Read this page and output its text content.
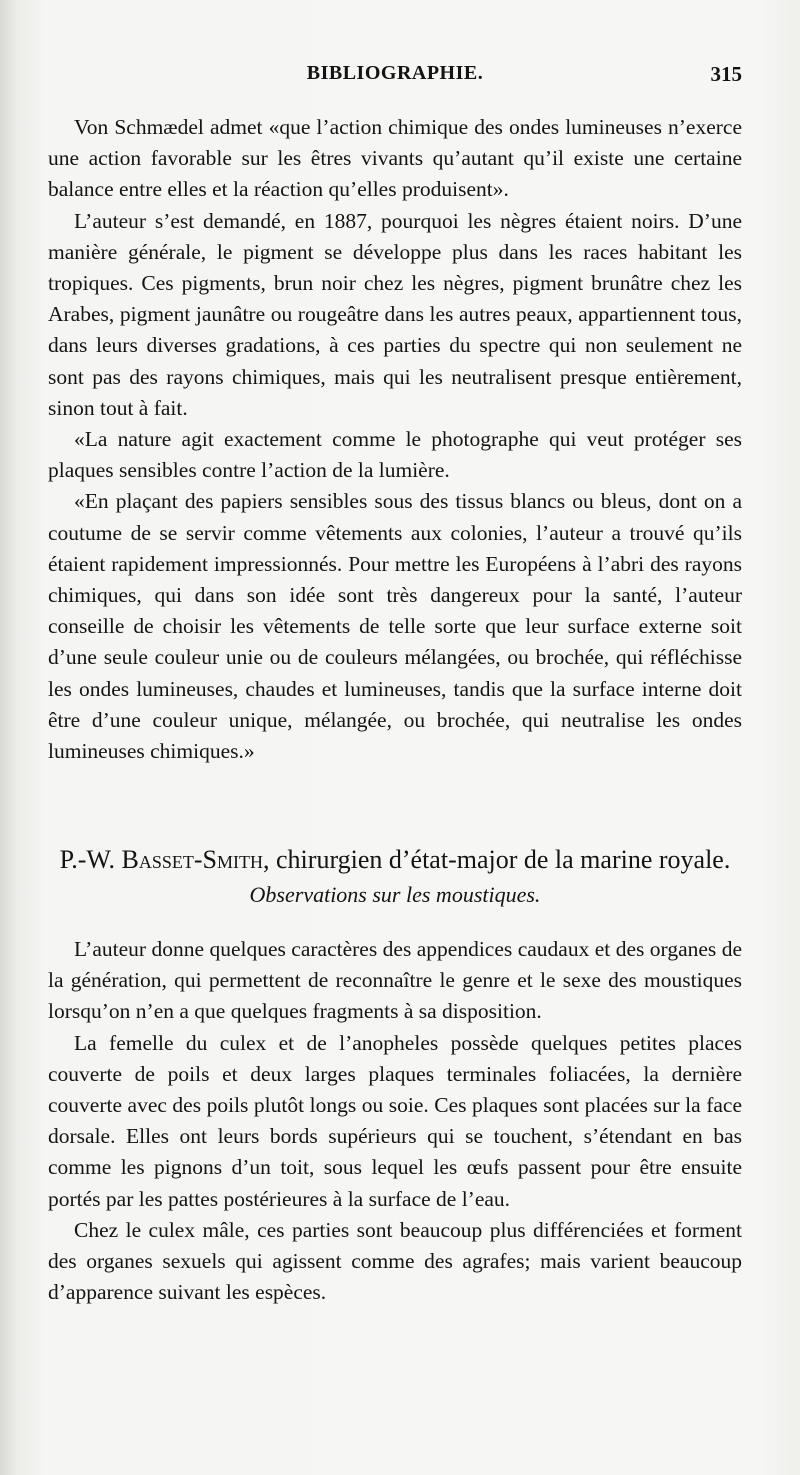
BIBLIOGRAPHIE.	315

Von Schmædel admet «que l’action chimique des ondes lumineuses n’exerce une action favorable sur les êtres vivants qu’autant qu’il existe une certaine balance entre elles et la réaction qu’elles produisent».

L’auteur s’est demandé, en 1887, pourquoi les nègres étaient noirs. D’une manière générale, le pigment se développe plus dans les races habitant les tropiques. Ces pigments, brun noir chez les nègres, pigment brunâtre chez les Arabes, pigment jaunâtre ou rougeâtre dans les autres peaux, appartiennent tous, dans leurs diverses gradations, à ces parties du spectre qui non seulement ne sont pas des rayons chimiques, mais qui les neutralisent presque entièrement, sinon tout à fait.

«La nature agit exactement comme le photographe qui veut protéger ses plaques sensibles contre l’action de la lumière.

«En plaçant des papiers sensibles sous des tissus blancs ou bleus, dont on a coutume de se servir comme vêtements aux colonies, l’auteur a trouvé qu’ils étaient rapidement impressionnés. Pour mettre les Européens à l’abri des rayons chimiques, qui dans son idée sont très dangereux pour la santé, l’auteur conseille de choisir les vêtements de telle sorte que leur surface externe soit d’une seule couleur unie ou de couleurs mélangées, ou brochée, qui réfléchisse les ondes lumineuses, chaudes et lumineuses, tandis que la surface interne doit être d’une couleur unique, mélangée, ou brochée, qui neutralise les ondes lumineuses chimiques.»

P.-W. Basset-Smith, chirurgien d’état-major de la marine royale.
Observations sur les moustiques.

L’auteur donne quelques caractères des appendices caudaux et des organes de la génération, qui permettent de reconnaître le genre et le sexe des moustiques lorsqu’on n’en a que quelques fragments à sa disposition.

La femelle du culex et de l’anopheles possède quelques petites places couverte de poils et deux larges plaques terminales foliacées, la dernière couverte avec des poils plutôt longs ou soie. Ces plaques sont placées sur la face dorsale. Elles ont leurs bords supérieurs qui se touchent, s’étendant en bas comme les pignons d’un toit, sous lequel les œufs passent pour être ensuite portés par les pattes postérieures à la surface de l’eau.

Chez le culex mâle, ces parties sont beaucoup plus différenciées et forment des organes sexuels qui agissent comme des agrafes; mais varient beaucoup d’apparence suivant les espèces.
